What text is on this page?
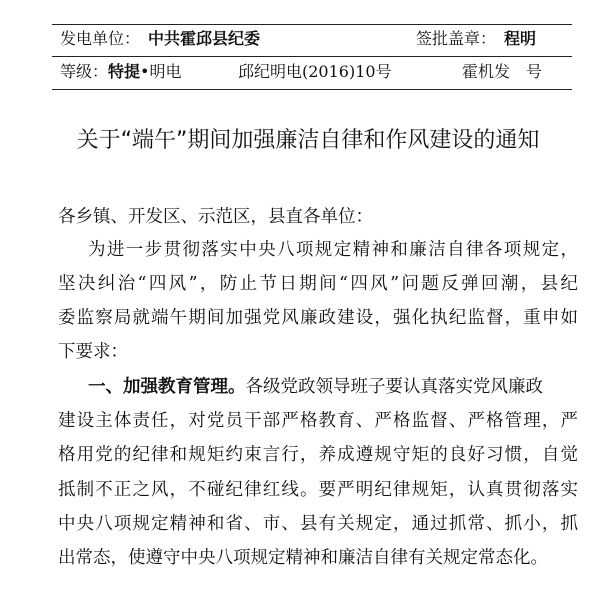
发电单位： 中共霍邱县纪委	签批盖章： 程明
等级：特提•明电	邱纪明电(2016)10号	霍机发　号
关于“端午”期间加强廉洁自律和作风建设的通知
各乡镇、开发区、示范区，县直各单位：
为进一步贯彻落实中央八项规定精神和廉洁自律各项规定，
坚决纠治“四风”，防止节日期间“四风”问题反弹回潮，县纪
委监察局就端午期间加强党风廉政建设，强化执纪监督，重申如
下要求：
一、加强教育管理。各级党政领导班子要认真落实党风廉政
建设主体责任，对党员干部严格教育、严格监督、严格管理，严
格用党的纪律和规矩约束言行，养成遵规守矩的良好习惯，自觉
抵制不正之风，不碰纪律红线。要严明纪律规矩，认真贯彻落实
中央八项规定精神和省、市、县有关规定，通过抓常、抓小，抓
出常态，使遵守中央八项规定精神和廉洁自律有关规定常态化。
